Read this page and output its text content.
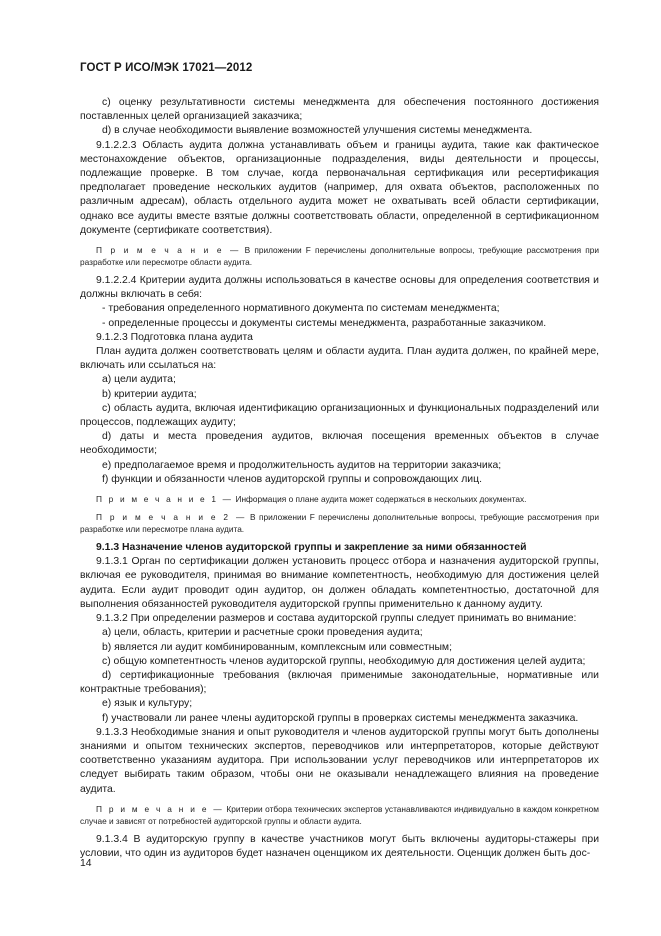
ГОСТ Р ИСО/МЭК 17021—2012

c) оценку результативности системы менеджмента для обеспечения постоянного достижения поставленных целей организацией заказчика;

d) в случае необходимости выявление возможностей улучшения системы менеджмента.

9.1.2.2.3 Область аудита должна устанавливать объем и границы аудита, такие как фактическое местонахождение объектов, организационные подразделения, виды деятельности и процессы, подлежащие проверке. В том случае, когда первоначальная сертификация или ресертификация предполагает проведение нескольких аудитов (например, для охвата объектов, расположенных по различным адресам), область отдельного аудита может не охватывать всей области сертификации, однако все аудиты вместе взятые должны соответствовать области, определенной в сертификационном документе (сертификате соответствия).

П р и м е ч а н и е — В приложении F перечислены дополнительные вопросы, требующие рассмотрения при разработке или пересмотре области аудита.

9.1.2.2.4 Критерии аудита должны использоваться в качестве основы для определения соответствия и должны включать в себя:

- требования определенного нормативного документа по системам менеджмента;

- определенные процессы и документы системы менеджмента, разработанные заказчиком.

9.1.2.3 Подготовка плана аудита

План аудита должен соответствовать целям и области аудита. План аудита должен, по крайней мере, включать или ссылаться на:

a) цели аудита;

b) критерии аудита;

c) область аудита, включая идентификацию организационных и функциональных подразделений или процессов, подлежащих аудиту;

d) даты и места проведения аудитов, включая посещения временных объектов в случае необходимости;

e) предполагаемое время и продолжительность аудитов на территории заказчика;

f) функции и обязанности членов аудиторской группы и сопровождающих лиц.

П р и м е ч а н и е 1 — Информация о плане аудита может содержаться в нескольких документах.

П р и м е ч а н и е 2 — В приложении F перечислены дополнительные вопросы, требующие рассмотрения при разработке или пересмотре плана аудита.

9.1.3 Назначение членов аудиторской группы и закрепление за ними обязанностей

9.1.3.1 Орган по сертификации должен установить процесс отбора и назначения аудиторской группы, включая ее руководителя, принимая во внимание компетентность, необходимую для достижения целей аудита. Если аудит проводит один аудитор, он должен обладать компетентностью, достаточной для выполнения обязанностей руководителя аудиторской группы применительно к данному аудиту.

9.1.3.2 При определении размеров и состава аудиторской группы следует принимать во внимание:

a) цели, область, критерии и расчетные сроки проведения аудита;

b) является ли аудит комбинированным, комплексным или совместным;

c) общую компетентность членов аудиторской группы, необходимую для достижения целей аудита;

d) сертификационные требования (включая применимые законодательные, нормативные или контрактные требования);

e) язык и культуру;

f) участвовали ли ранее члены аудиторской группы в проверках системы менеджмента заказчика.

9.1.3.3 Необходимые знания и опыт руководителя и членов аудиторской группы могут быть дополнены знаниями и опытом технических экспертов, переводчиков или интерпретаторов, которые действуют соответственно указаниям аудитора. При использовании услуг переводчиков или интерпретаторов их следует выбирать таким образом, чтобы они не оказывали ненадлежащего влияния на проведение аудита.

П р и м е ч а н и е — Критерии отбора технических экспертов устанавливаются индивидуально в каждом конкретном случае и зависят от потребностей аудиторской группы и области аудита.

9.1.3.4 В аудиторскую группу в качестве участников могут быть включены аудиторы-стажеры при условии, что один из аудиторов будет назначен оценщиком их деятельности. Оценщик должен быть дос-

14
